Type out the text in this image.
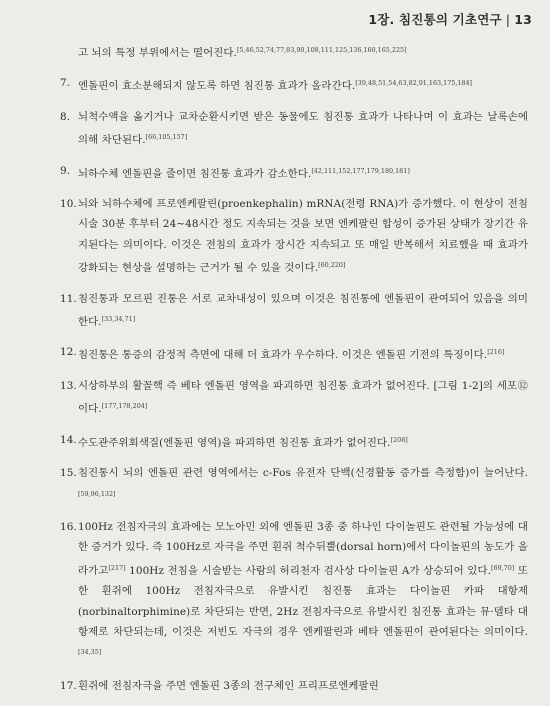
1장. 침진통의 기초연구 | 13
고 뇌의 특정 부위에서는 떨어진다.[5,46,52,74,77,83,90,108,111,125,136,160,165,225]
7. 엔돌핀이 효소분해되지 않도록 하면 침진통 효과가 올라간다.[39,48,51,54,63,82,91,163,175,184]
8. 뇌척수액을 옮기거나 교차순환시키면 받은 동물에도 침진통 효과가 나타나며 이 효과는 날록손에 의해 차단된다.[66,105,157]
9. 뇌하수체 엔돌핀을 줄이면 침진통 효과가 감소한다.[42,111,152,177,179,180,181]
10. 뇌와 뇌하수체에 프로엔케팔린(proenkephalin) mRNA(전령 RNA)가 증가했다. 이 현상이 전침 시술 30분 후부터 24~48시간 정도 지속되는 것을 보면 엔케팔린 합성이 증가된 상태가 장기간 유지된다는 의미이다. 이것은 전침의 효과가 장시간 지속되고 또 매일 반복해서 치료했을 때 효과가 강화되는 현상을 설명하는 근거가 될 수 있을 것이다.[60,220]
11. 침진통과 모르핀 진통은 서로 교차내성이 있으며 이것은 침진통에 엔돌핀이 관여되어 있음을 의미한다.[33,34,71]
12. 침진통은 통증의 감정적 측면에 대해 더 효과가 우수하다. 이것은 엔돌핀 기전의 특징이다.[216]
13. 시상하부의 활꼴핵 즉 베타 엔돌핀 영역을 파괴하면 침진통 효과가 없어진다. [그림 1-2]의 세포⑫이다.[177,178,204]
14. 수도관주위회색질(엔돌핀 영역)을 파괴하면 침진통 효과가 없어진다.[208]
15. 침진통시 뇌의 엔돌핀 관련 영역에서는 c-Fos 유전자 단백(신경활동 증가를 측정함)이 늘어난다.[59,96,132]
16. 100Hz 전침자극의 효과에는 모노아민 외에 엔돌핀 3종 중 하나인 다이놀핀도 관련될 가능성에 대한 증거가 있다. 즉 100Hz로 자극을 주면 흰쥐 척수뒤뿔(dorsal horn)에서 다이놀핀의 농도가 올라가고[217] 100Hz 전침을 시술받는 사람의 허리천자 검사상 다이놀핀 A가 상승되어 있다.[69,70] 또한 흰쥐에 100Hz 전침자극으로 유발시킨 침진통 효과는 다이놀핀 카파 대항제(norbinaltorphimine)로 차단되는 반면, 2Hz 전침자극으로 유발시킨 침진통 효과는 뮤·델타 대항제로 차단되는데, 이것은 저빈도 자극의 경우 엔케팔린과 베타 엔돌핀이 관여된다는 의미이다.[34,35]
17. 흰쥐에 전침자극을 주면 엔돌핀 3종의 전구체인 프리프로엔케팔린
